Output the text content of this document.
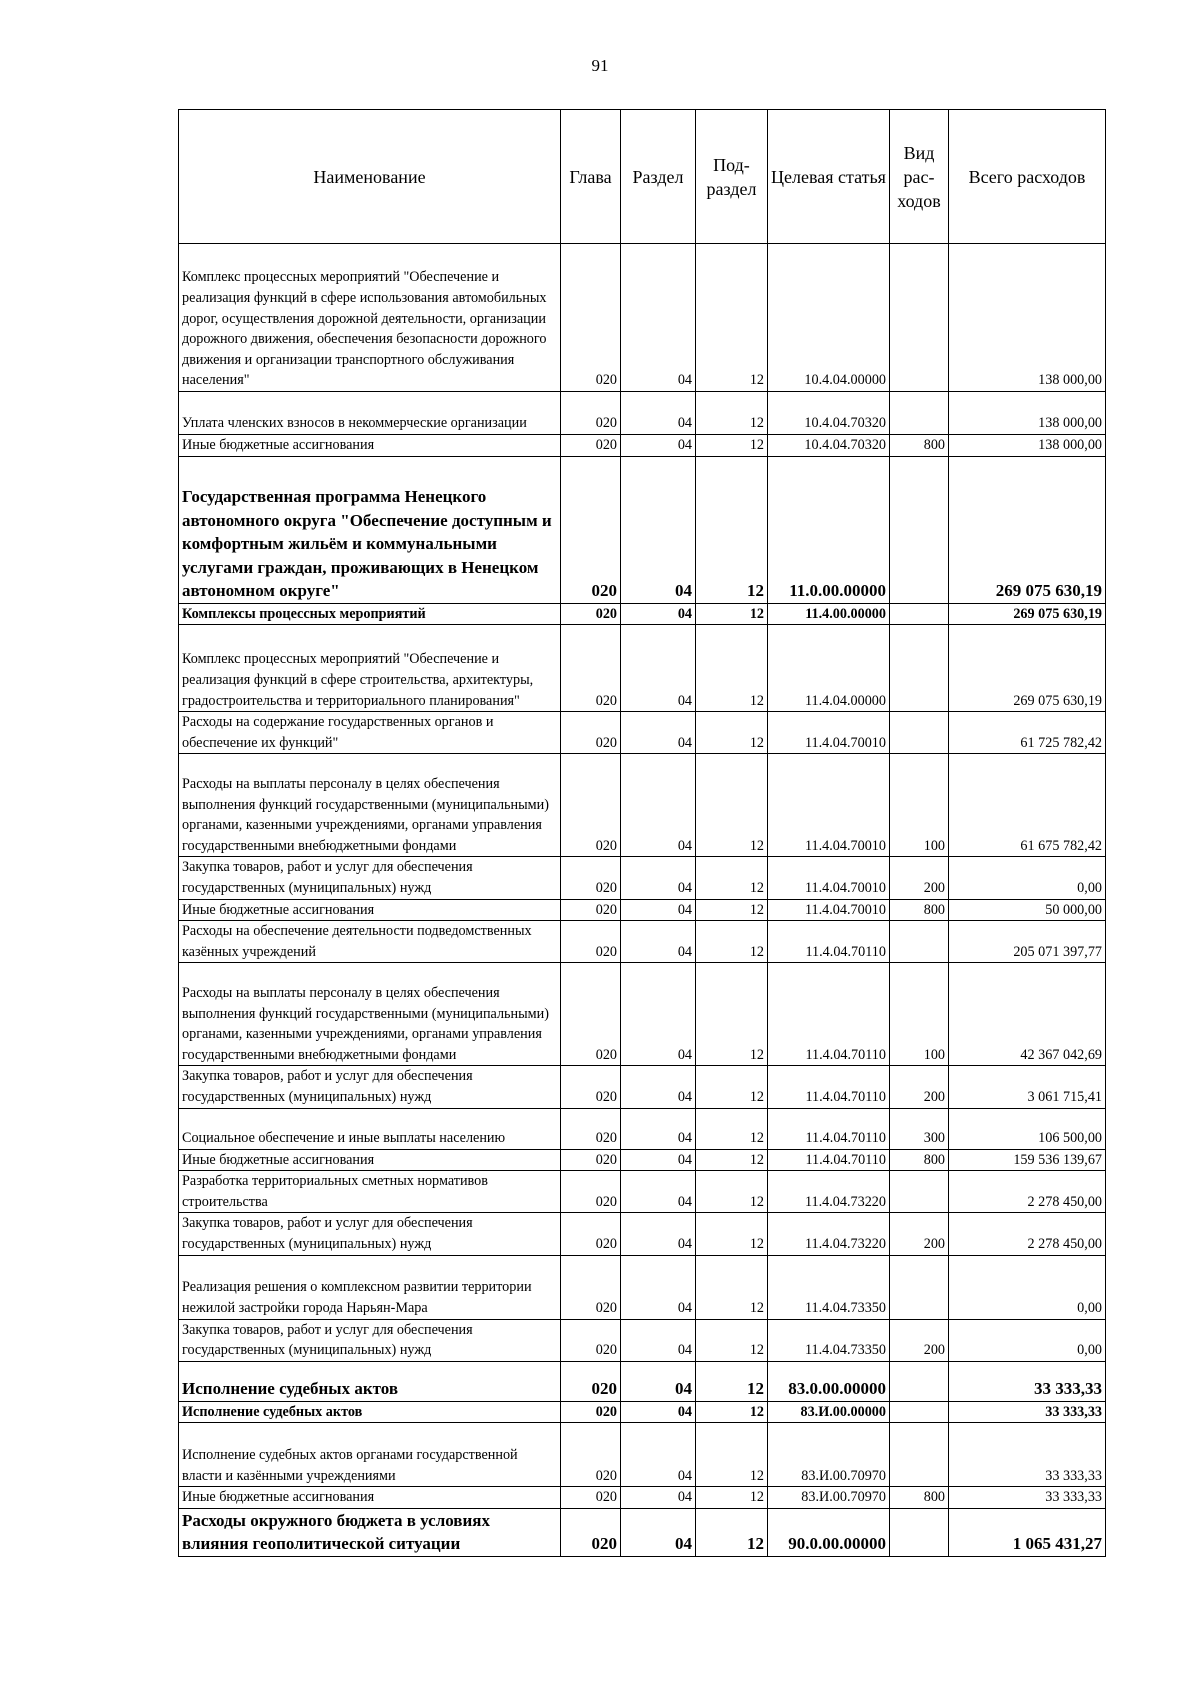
91
Наименование	Глава	Раздел	Под-раздел	Целевая статья	Вид рас-ходов	Всего расходов
Комплекс процессных мероприятий "Обеспечение и реализация функций в сфере использования автомобильных дорог, осуществления дорожной деятельности, организации дорожного движения, обеспечения безопасности дорожного движения и организации транспортного обслуживания населения"	020	04	12	10.4.04.00000		138 000,00
Уплата членских взносов в некоммерческие организации	020	04	12	10.4.04.70320		138 000,00
Иные бюджетные ассигнования	020	04	12	10.4.04.70320	800	138 000,00
Государственная программа Ненецкого автономного округа "Обеспечение доступным и комфортным жильём и коммунальными услугами граждан, проживающих в Ненецком автономном округе"	020	04	12	11.0.00.00000		269 075 630,19
Комплексы процессных мероприятий	020	04	12	11.4.00.00000		269 075 630,19
Комплекс процессных мероприятий "Обеспечение и реализация функций в сфере строительства, архитектуры, градостроительства и территориального планирования"	020	04	12	11.4.04.00000		269 075 630,19
Расходы на содержание государственных органов и обеспечение их функций"	020	04	12	11.4.04.70010		61 725 782,42
Расходы на выплаты персоналу в целях обеспечения выполнения функций государственными (муниципальными) органами, казенными учреждениями, органами управления государственными внебюджетными фондами	020	04	12	11.4.04.70010	100	61 675 782,42
Закупка товаров, работ и услуг для обеспечения государственных (муниципальных) нужд	020	04	12	11.4.04.70010	200	0,00
Иные бюджетные ассигнования	020	04	12	11.4.04.70010	800	50 000,00
Расходы на обеспечение деятельности подведомственных казённых учреждений	020	04	12	11.4.04.70110		205 071 397,77
Расходы на выплаты персоналу в целях обеспечения выполнения функций государственными (муниципальными) органами, казенными учреждениями, органами управления государственными внебюджетными фондами	020	04	12	11.4.04.70110	100	42 367 042,69
Закупка товаров, работ и услуг для обеспечения государственных (муниципальных) нужд	020	04	12	11.4.04.70110	200	3 061 715,41
Социальное обеспечение и иные выплаты населению	020	04	12	11.4.04.70110	300	106 500,00
Иные бюджетные ассигнования	020	04	12	11.4.04.70110	800	159 536 139,67
Разработка территориальных сметных нормативов строительства	020	04	12	11.4.04.73220		2 278 450,00
Закупка товаров, работ и услуг для обеспечения государственных (муниципальных) нужд	020	04	12	11.4.04.73220	200	2 278 450,00
Реализация решения о комплексном развитии территории нежилой застройки города Нарьян-Мара	020	04	12	11.4.04.73350		0,00
Закупка товаров, работ и услуг для обеспечения государственных (муниципальных) нужд	020	04	12	11.4.04.73350	200	0,00
Исполнение судебных актов	020	04	12	83.0.00.00000		33 333,33
Исполнение судебных актов	020	04	12	83.И.00.00000		33 333,33
Исполнение судебных актов органами государственной власти и казёнными учреждениями	020	04	12	83.И.00.70970		33 333,33
Иные бюджетные ассигнования	020	04	12	83.И.00.70970	800	33 333,33
Расходы окружного бюджета в условиях влияния геополитической ситуации	020	04	12	90.0.00.00000		1 065 431,27
